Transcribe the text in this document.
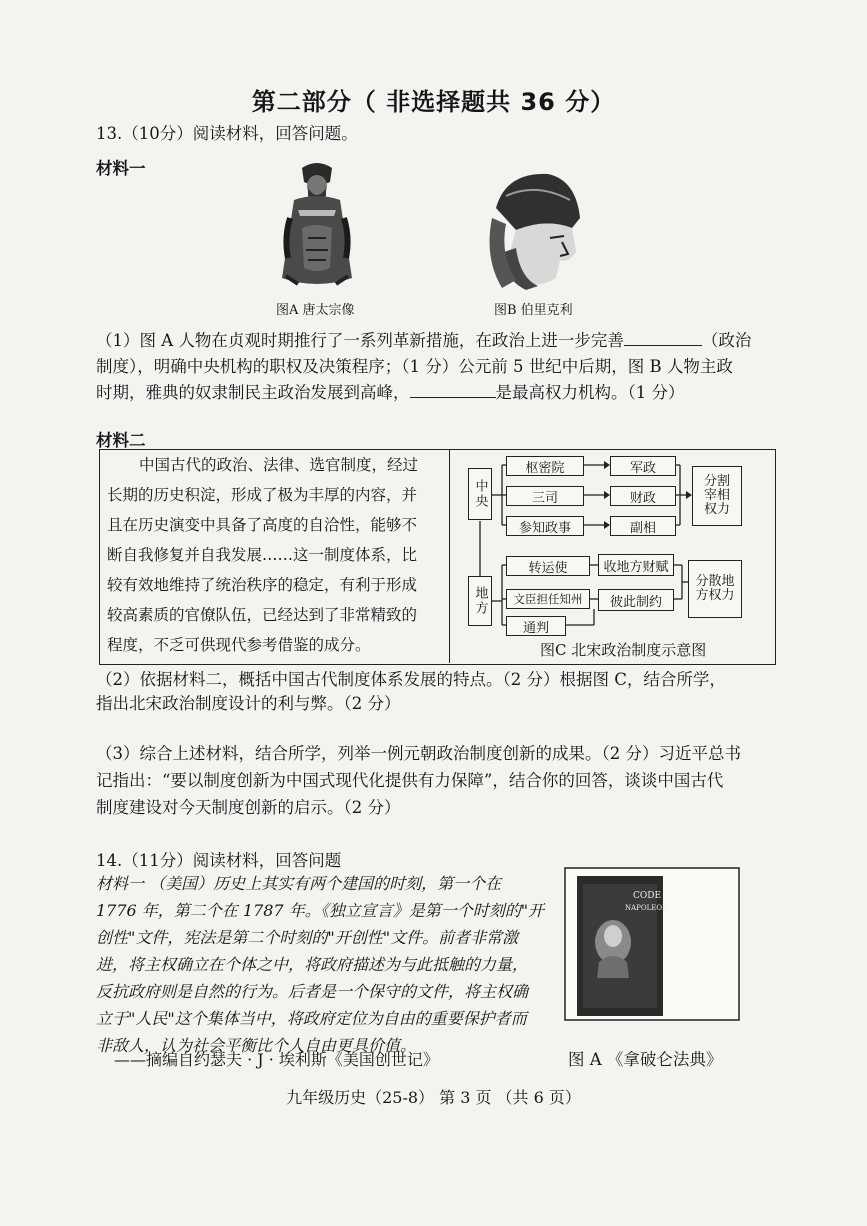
第二部分（ 非选择题共 36 分）
13.（10分）阅读材料，回答问题。
材料一
图A 唐太宗像	图B 伯里克利
（1）图 A 人物在贞观时期推行了一系列革新措施，在政治上进一步完善	（政治
制度），明确中央机构的职权及决策程序；（1 分）公元前 5 世纪中后期，图 B 人物主政
时期，雅典的奴隶制民主政治发展到高峰，	是最高权力机构。（1 分）
材料二
中国古代的政治、法律、选官制度，经过
长期的历史积淀，形成了极为丰厚的内容，并
且在历史演变中具备了高度的自洽性，能够不
断自我修复并自我发展……这一制度体系，比
较有效地维持了统治秩序的稳定，有利于形成
较高素质的官僚队伍，已经达到了非常精致的
程度，不乏可供现代参考借鉴的成分。
中央
枢密院
三司
参知政事
军政
财政
副相
分割宰相权力
地方
转运使
文臣担任知州
通判
收地方财赋
彼此制约
分散地方权力
图C 北宋政治制度示意图
（2）依据材料二，概括中国古代制度体系发展的特点。（2 分）根据图 C，结合所学，
指出北宋政治制度设计的利与弊。（2 分）
（3）综合上述材料，结合所学，列举一例元朝政治制度创新的成果。（2 分）习近平总书
记指出：“要以制度创新为中国式现代化提供有力保障”，结合你的回答，谈谈中国古代
制度建设对今天制度创新的启示。（2 分）
14.（11分）阅读材料，回答问题
材料一 （美国）历史上其实有两个建国的时刻，第一个在
1776 年，第二个在 1787 年。《独立宣言》是第一个时刻的"开
创性"文件，宪法是第二个时刻的"开创性"文件。前者非常激
进，将主权确立在个体之中，将政府描述为与此抵触的力量，
反抗政府则是自然的行为。后者是一个保守的文件，将主权确
立于"人民"这个集体当中，将政府定位为自由的重要保护者而
非敌人，认为社会平衡比个人自由更具价值。
——摘编自约瑟夫 · J · 埃利斯《美国创世记》
CODE
NAPOLEON
图 A 《拿破仑法典》
九年级历史（25-8） 第 3 页 （共 6 页）
